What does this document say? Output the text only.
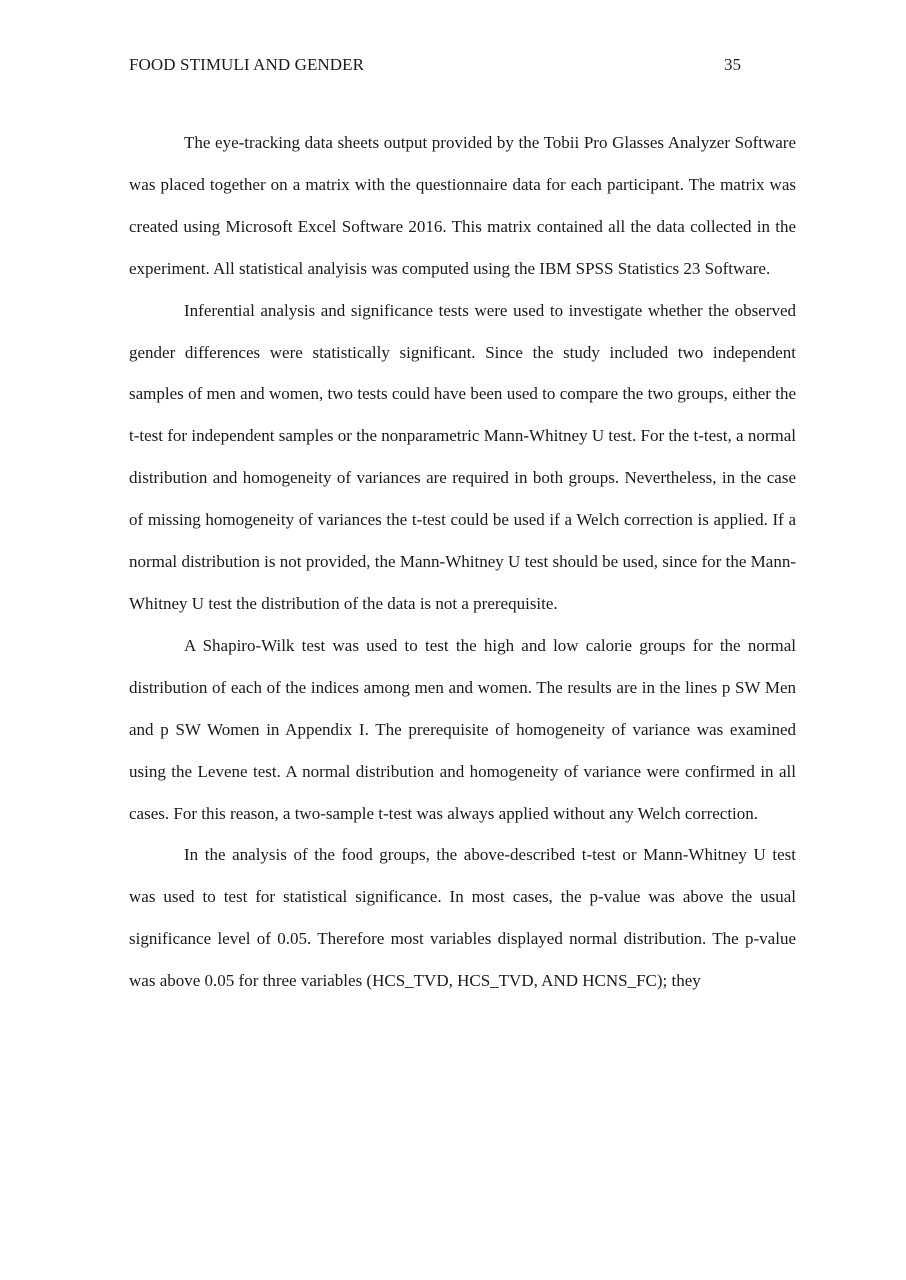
FOOD STIMULI AND GENDER	35

The eye-tracking data sheets output provided by the Tobii Pro Glasses Analyzer Software was placed together on a matrix with the questionnaire data for each participant. The matrix was created using Microsoft Excel Software 2016. This matrix contained all the data collected in the experiment. All statistical analyisis was computed using the IBM SPSS Statistics 23 Software.

Inferential analysis and significance tests were used to investigate whether the observed gender differences were statistically significant. Since the study included two independent samples of men and women, two tests could have been used to compare the two groups, either the t-test for independent samples or the nonparametric Mann-Whitney U test. For the t-test, a normal distribution and homogeneity of variances are required in both groups. Nevertheless, in the case of missing homogeneity of variances the t-test could be used if a Welch correction is applied. If a normal distribution is not provided, the Mann-Whitney U test should be used, since for the Mann-Whitney U test the distribution of the data is not a prerequisite.

A Shapiro-Wilk test was used to test the high and low calorie groups for the normal distribution of each of the indices among men and women. The results are in the lines p SW Men and p SW Women in Appendix I. The prerequisite of homogeneity of variance was examined using the Levene test. A normal distribution and homogeneity of variance were confirmed in all cases. For this reason, a two-sample t-test was always applied without any Welch correction.

In the analysis of the food groups, the above-described t-test or Mann-Whitney U test was used to test for statistical significance. In most cases, the p-value was above the usual significance level of 0.05. Therefore most variables displayed normal distribution. The p-value was above 0.05 for three variables (HCS_TVD, HCS_TVD, AND HCNS_FC); they
